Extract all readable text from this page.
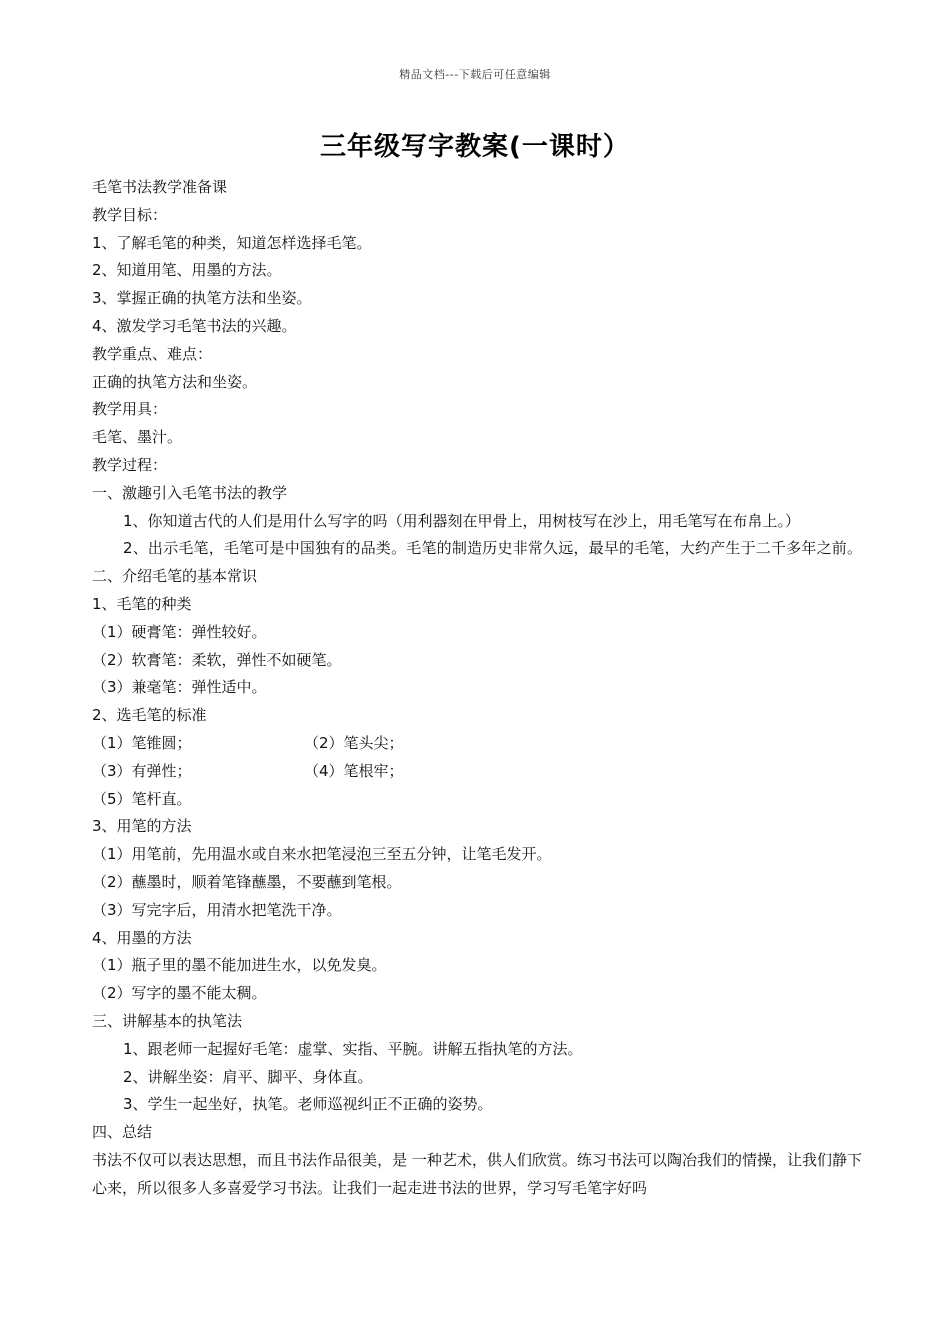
精品文档---下载后可任意编辑
三年级写字教案(一课时）
毛笔书法教学准备课
教学目标：
1、了解毛笔的种类，知道怎样选择毛笔。
2、知道用笔、用墨的方法。
3、掌握正确的执笔方法和坐姿。
4、激发学习毛笔书法的兴趣。
教学重点、难点：
正确的执笔方法和坐姿。
教学用具：
毛笔、墨汁。
教学过程：
一、激趣引入毛笔书法的教学
1、你知道古代的人们是用什么写字的吗（用利器刻在甲骨上，用树枝写在沙上，用毛笔写在布帛上。）
2、出示毛笔，毛笔可是中国独有的品类。毛笔的制造历史非常久远，最早的毛笔，大约产生于二千多年之前。二、介绍毛笔的基本常识
1、毛笔的种类
（1）硬膏笔：弹性较好。
（2）软膏笔：柔软，弹性不如硬笔。
（3）兼毫笔：弹性适中。
2、选毛笔的标准
（1）笔锥圆；	（2）笔头尖；
（3）有弹性；	（4）笔根牢；
（5）笔杆直。
3、用笔的方法
（1）用笔前，先用温水或自来水把笔浸泡三至五分钟，让笔毛发开。
（2）蘸墨时，顺着笔锋蘸墨，不要蘸到笔根。
（3）写完字后，用清水把笔洗干净。
4、用墨的方法
（1）瓶子里的墨不能加进生水，以免发臭。
（2）写字的墨不能太稠。
三、讲解基本的执笔法
1、跟老师一起握好毛笔：虚掌、实指、平腕。讲解五指执笔的方法。
2、讲解坐姿：肩平、脚平、身体直。
3、学生一起坐好，执笔。老师巡视纠正不正确的姿势。
四、总结
书法不仅可以表达思想，而且书法作品很美，是 一种艺术，供人们欣赏。练习书法可以陶冶我们的情操，让我们静下心来，所以很多人多喜爱学习书法。让我们一起走进书法的世界，学习写毛笔字好吗
